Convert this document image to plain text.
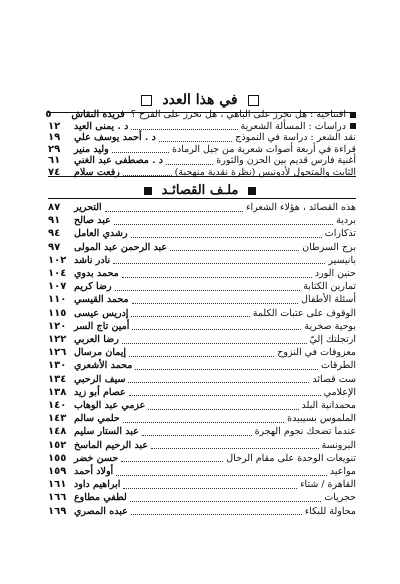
في هذا العدد
افتتاحية : هل تحرز على الباهي ، هل تحرز على الفرح ؟
فريدة النقاش
٥
دراسات : المسألة الشعرية
د . يمنى العيد
١٢
نقد الشعر : دراسة في النموذج
د . أحمد يوسف علي
١٩
قراءة في أربعة أصوات شعرية من جيل الرمادة
وليد منير
٢٩
أغنية فارس قديم بين الحزن والثورة
د . مصطفى عبد الغني
٦١
الثابت والمتحول لأدونيس (نظرة نقدية منهجية)
رفعت سلام
٧٤
ملـف القصائـد
هذه القصائد ، هؤلاء الشعراء
التحرير
٨٧
بردية
عبد صالح
٩١
تذكارات
رشدي العامل
٩٤
برج السرطان
عبد الرحمن عبد المولى
٩٧
بانيسير
نادر ناشد
١٠٢
حنين الورد
محمد بدوي
١٠٤
تمارين الكتابة
رضا كريم
١٠٧
أسئلة الأطفال
محمد القيسي
١١٠
الوقوف على عتبات الكلمة
إدريس عيسى
١١٥
بوحية صخرية
أمين تاج السر
١٢٠
ارتجلتك إليّ
رضا العربي
١٢٢
معزوفات في النزوح
إيمان مرسال
١٢٦
الطرقات
محمد الأشعري
١٣٠
ست قصائد
سيف الرحبي
١٣٤
الإعلامي
عصام أبو زيد
١٣٨
محمدانية البلد
عزمي عبد الوهاب
١٤٠
الملموس بسيبيدة
حلمي سالم
١٤٣
عندما تضحك نجوم الهجرة
عبد الستار سليم
١٤٨
البرونسة
عبد الرحيم الماسخ
١٥٢
تنويعات الوحدة على مقام الرحال
حسن خضر
١٥٥
مواعيد
أولاد أحمد
١٥٩
القاهرة / شتاء
ابراهيم داود
١٦١
حجريات
لطفي مطاوع
١٦٦
محاولة للبكاء
عبده المصري
١٦٩
